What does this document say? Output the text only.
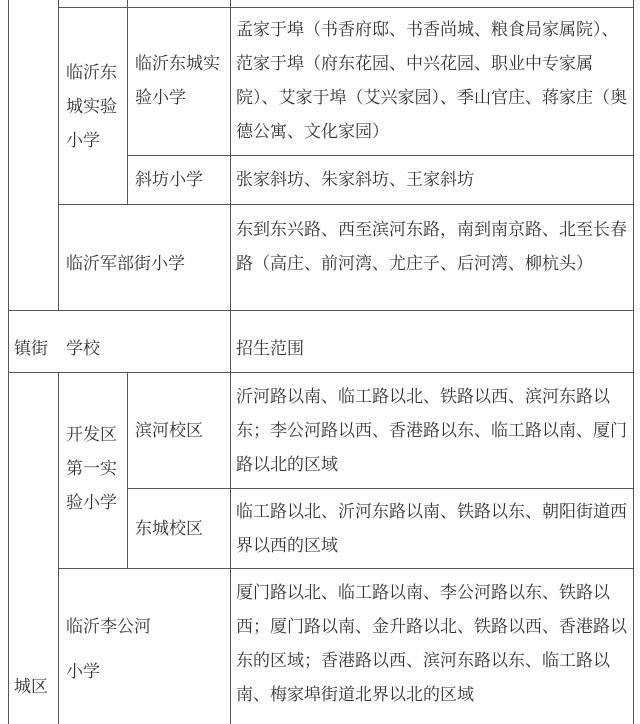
临沂东城实验小学
临沂东城实验小学
孟家于埠（书香府邸、书香尚城、粮食局家属院）、范家于埠（府东花园、中兴花园、职业中专家属院）、艾家于埠（艾兴家园）、季山官庄、蒋家庄（奥德公寓、文化家园）
斜坊小学 张家斜坊、朱家斜坊、王家斜坊
临沂军部街小学
东到东兴路、西至滨河东路，南到南京路、北至长春路（高庄、前河湾、尤庄子、后河湾、柳杭头）
镇街 学校	招生范围
城区
开发区第一实验小学
滨河校区
沂河路以南、临工路以北、铁路以西、滨河东路以东；李公河路以西、香港路以东、临工路以南、厦门路以北的区域
东城校区
临工路以北、沂河东路以南、铁路以东、朝阳街道西界以西的区域
临沂李公河小学
厦门路以北、临工路以南、李公河路以东、铁路以西；厦门路以南、金升路以北、铁路以西、香港路以东的区域；香港路以西、滨河东路以东、临工路以南、梅家埠街道北界以北的区域
